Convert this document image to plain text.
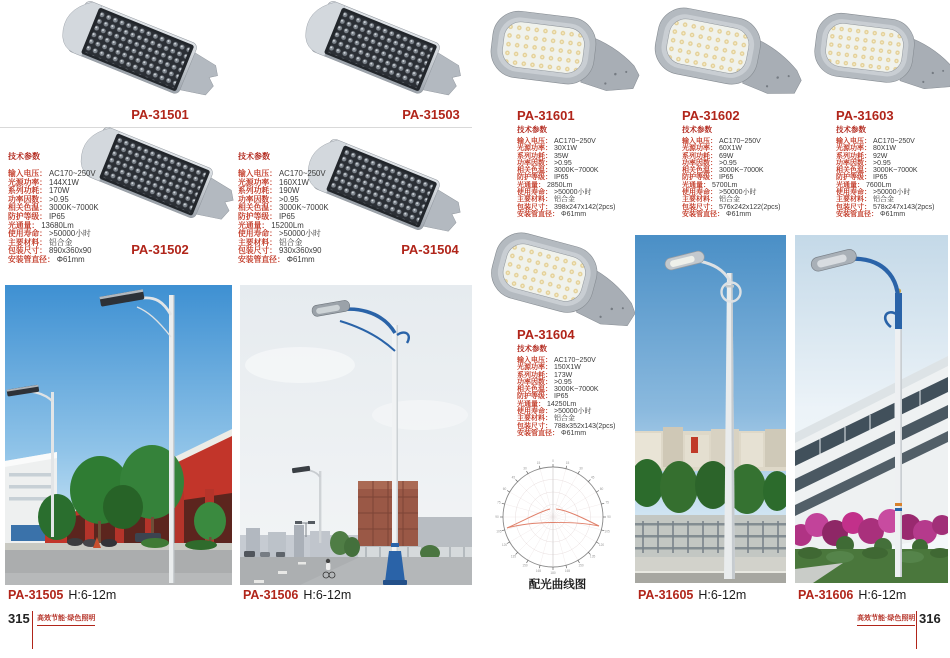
PA-31501	PA-31503
技术参数
输入电压： AC170~250V
光源功率： 144X1W
系列功耗： 170W
功率因数： >0.95
相关色温： 3000K~7000K
防护等级： IP65
光通量： 13680Lm
使用寿命： >50000小时
主要材料： 铝合金
包装尺寸： 890x360x90
安装管直径： Φ61mm
PA-31502
技术参数
输入电压： AC170~250V
光源功率： 160X1W
系列功耗： 190W
功率因数： >0.95
相关色温： 3000K~7000K
防护等级： IP65
光通量： 15200Lm
使用寿命： >50000小时
主要材料： 铝合金
包装尺寸： 930x360x90
安装管直径： Φ61mm
PA-31504
PA-31505 H:6-12m	PA-31506 H:6-12m
315 高效节能·绿色照明
PA-31601
技术参数
输入电压： AC170~250V
光源功率： 30X1W
系列功耗： 35W
功率因数： >0.95
相关色温： 3000K~7000K
防护等级： IP65
光通量： 2850Lm
使用寿命： >50000小时
主要材料： 铝合金
包装尺寸： 398x247x142(2pcs)
安装管直径： Φ61mm
PA-31602
技术参数
输入电压： AC170~250V
光源功率： 60X1W
系列功耗： 69W
功率因数： >0.95
相关色温： 3000K~7000K
防护等级： IP65
光通量： 5700Lm
使用寿命： >50000小时
主要材料： 铝合金
包装尺寸： 576x242x122(2pcs)
安装管直径： Φ61mm
PA-31603
技术参数
输入电压： AC170~250V
光源功率： 80X1W
系列功耗： 92W
功率因数： >0.95
相关色温： 3000K~7000K
防护等级： IP65
光通量： 7600Lm
使用寿命： >50000小时
主要材料： 铝合金
包装尺寸： 578x247x143(2pcs)
安装管直径： Φ61mm
PA-31604
技术参数
输入电压： AC170~250V
光源功率： 150X1W
系列功耗： 173W
功率因数： >0.95
相关色温： 3000K~7000K
防护等级： IP65
光通量： 14250Lm
使用寿命： >50000小时
主要材料： 铝合金
包装尺寸： 788x352x143(2pcs)
安装管直径： Φ61mm
0	15
30
45
60
75
90
105
120
135
150
165
180
165
150
135
120
105
90
75
60
45
30
15
配光曲线图
PA-31605 H:6-12m	PA-31606 H:6-12m
高效节能·绿色照明 316
